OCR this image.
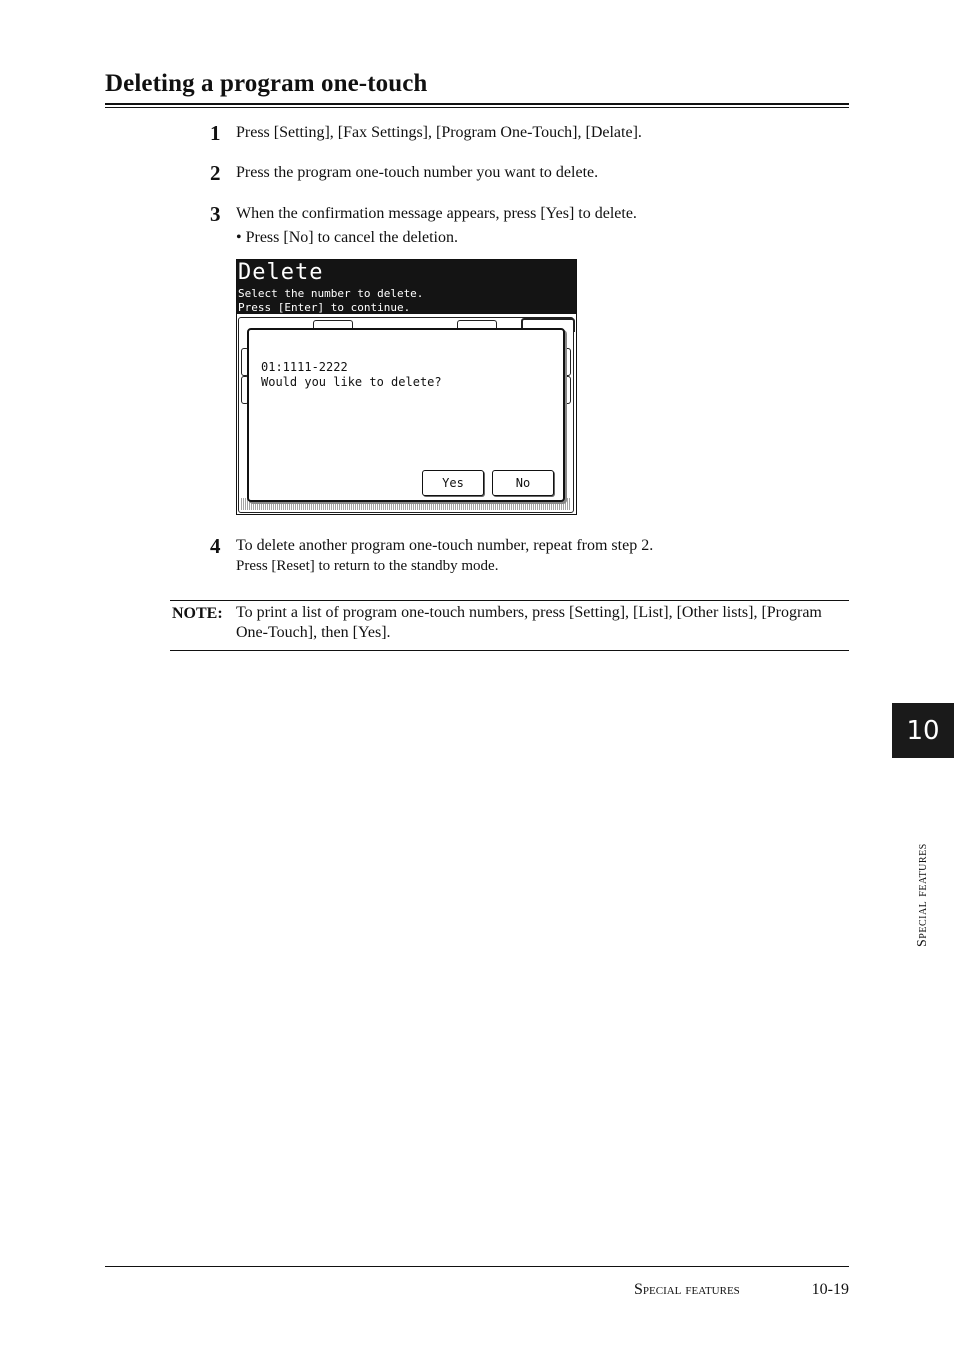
Deleting a program one-touch
1 Press [Setting], [Fax Settings], [Program One-Touch], [Delate].
2 Press the program one-touch number you want to delete.
3 When the confirmation message appears, press [Yes] to delete.
• Press [No] to cancel the deletion.
Delete
Select the number to delete.
Press [Enter] to continue.
01:1111-2222
Would you like to delete?
Yes	No
4 To delete another program one-touch number, repeat from step 2.
Press [Reset] to return to the standby mode.
NOTE: To print a list of program one-touch numbers, press [Setting], [List], [Other lists], [Program One-Touch], then [Yes].
10
Special features
Special features	10-19
